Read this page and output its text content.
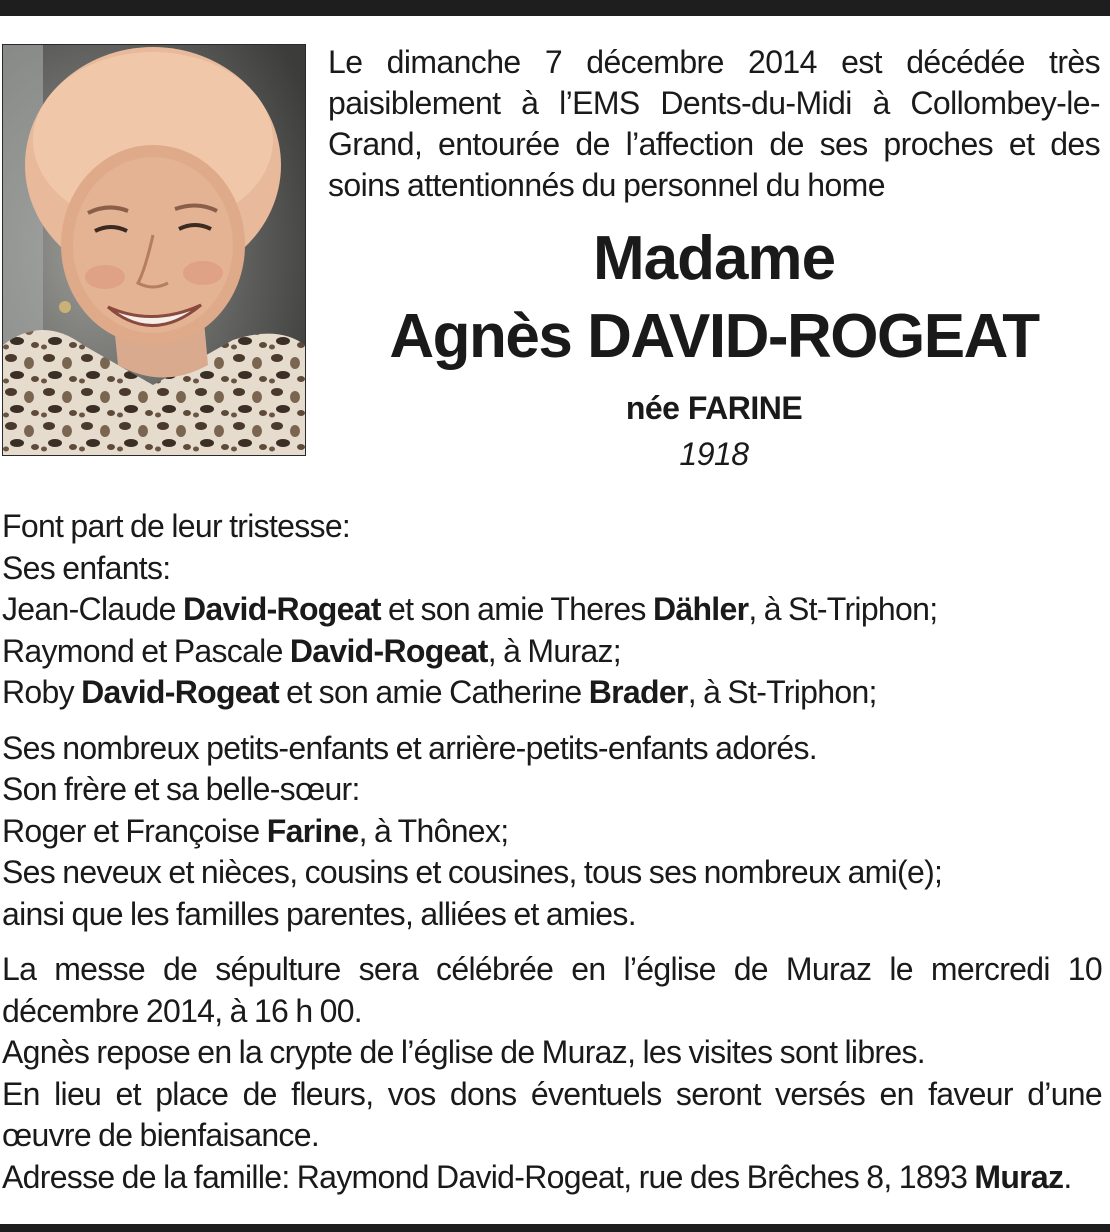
Le dimanche 7 décembre 2014 est décédée très paisiblement à l’EMS Dents-du-Midi à Collombey-le-Grand, entourée de l’affection de ses proches et des soins attentionnés du personnel du home

Madame
Agnès DAVID-ROGEAT
née FARINE
1918
Font part de leur tristesse:
Ses enfants:
Jean-Claude David-Rogeat et son amie Theres Dähler, à St-Triphon;
Raymond et Pascale David-Rogeat, à Muraz;
Roby David-Rogeat et son amie Catherine Brader, à St-Triphon;
Ses nombreux petits-enfants et arrière-petits-enfants adorés.
Son frère et sa belle-sœur:
Roger et Françoise Farine, à Thônex;
Ses neveux et nièces, cousins et cousines, tous ses nombreux ami(e);
ainsi que les familles parentes, alliées et amies.
La messe de sépulture sera célébrée en l’église de Muraz le mercredi 10 décembre 2014, à 16 h 00.
Agnès repose en la crypte de l’église de Muraz, les visites sont libres.
En lieu et place de fleurs, vos dons éventuels seront versés en faveur d’une œuvre de bienfaisance.
Adresse de la famille: Raymond David-Rogeat, rue des Brêches 8, 1893 Muraz.
